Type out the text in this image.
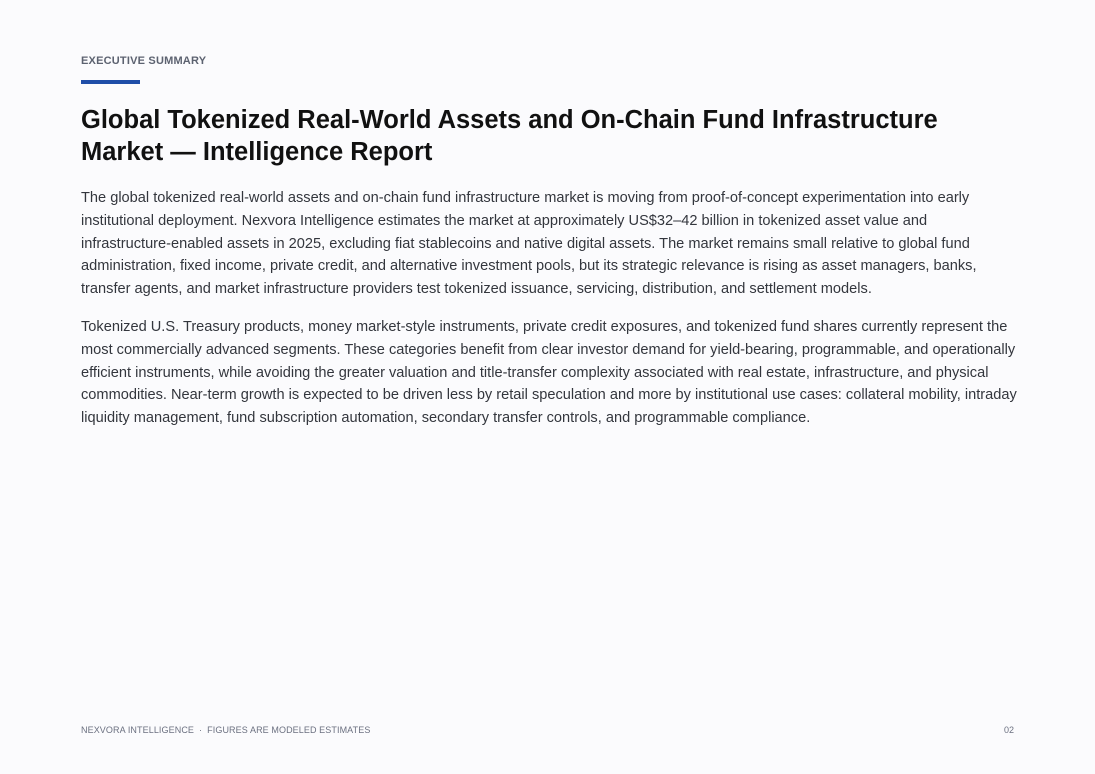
EXECUTIVE SUMMARY
Global Tokenized Real-World Assets and On-Chain Fund Infrastructure Market — Intelligence Report

The global tokenized real-world assets and on-chain fund infrastructure market is moving from proof-of-concept experimentation into early institutional deployment. Nexvora Intelligence estimates the market at approximately US$32–42 billion in tokenized asset value and infrastructure-enabled assets in 2025, excluding fiat stablecoins and native digital assets. The market remains small relative to global fund administration, fixed income, private credit, and alternative investment pools, but its strategic relevance is rising as asset managers, banks, transfer agents, and market infrastructure providers test tokenized issuance, servicing, distribution, and settlement models.

Tokenized U.S. Treasury products, money market-style instruments, private credit exposures, and tokenized fund shares currently represent the most commercially advanced segments. These categories benefit from clear investor demand for yield-bearing, programmable, and operationally efficient instruments, while avoiding the greater valuation and title-transfer complexity associated with real estate, infrastructure, and physical commodities. Near-term growth is expected to be driven less by retail speculation and more by institutional use cases: collateral mobility, intraday liquidity management, fund subscription automation, secondary transfer controls, and programmable compliance.

NEXVORA INTELLIGENCE · FIGURES ARE MODELED ESTIMATES	02
